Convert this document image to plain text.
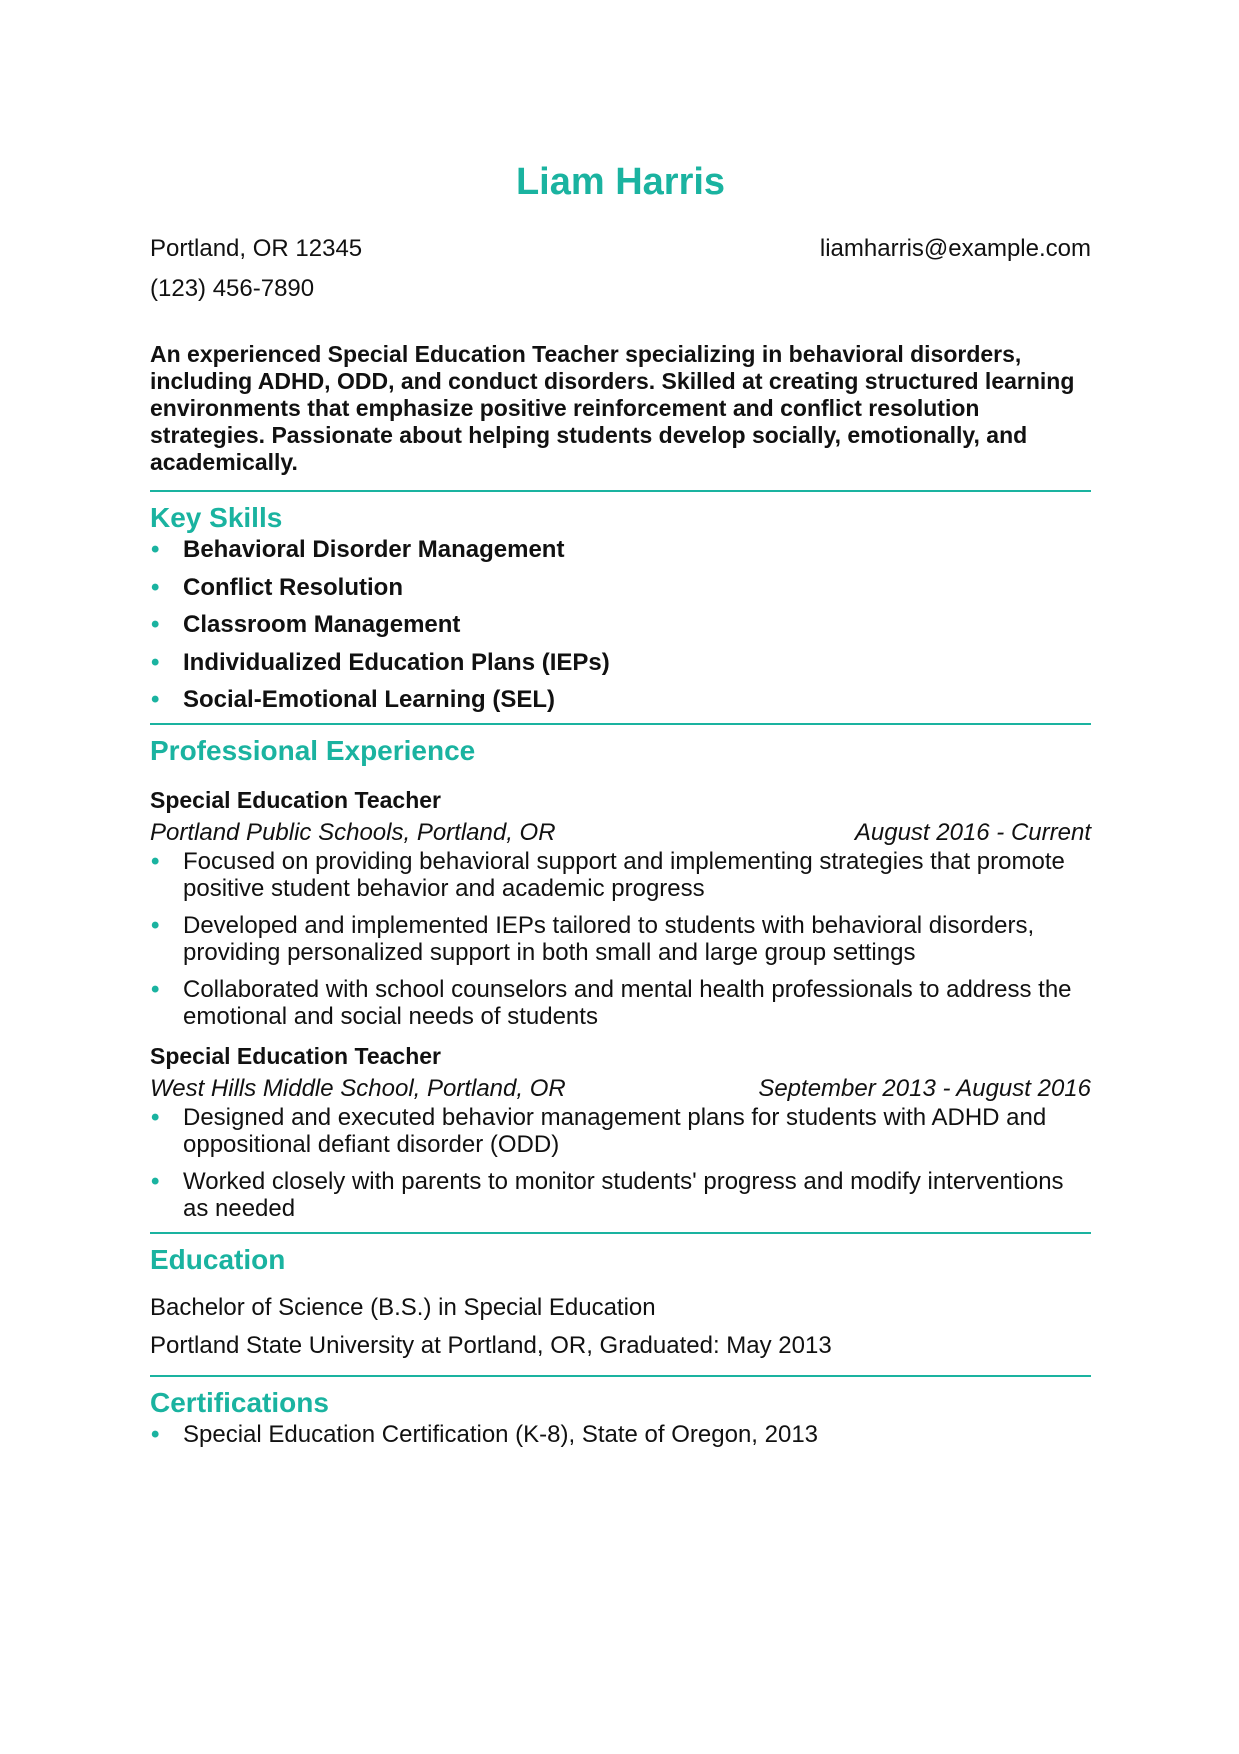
Liam Harris
Portland, OR 12345	liamharris@example.com
(123) 456-7890
An experienced Special Education Teacher specializing in behavioral disorders, including ADHD, ODD, and conduct disorders. Skilled at creating structured learning environments that emphasize positive reinforcement and conflict resolution strategies. Passionate about helping students develop socially, emotionally, and academically.
Key Skills
• Behavioral Disorder Management
• Conflict Resolution
• Classroom Management
• Individualized Education Plans (IEPs)
• Social-Emotional Learning (SEL)
Professional Experience
Special Education Teacher
Portland Public Schools, Portland, OR	August 2016 - Current
• Focused on providing behavioral support and implementing strategies that promote positive student behavior and academic progress
• Developed and implemented IEPs tailored to students with behavioral disorders, providing personalized support in both small and large group settings
• Collaborated with school counselors and mental health professionals to address the emotional and social needs of students
Special Education Teacher
West Hills Middle School, Portland, OR	September 2013 - August 2016
• Designed and executed behavior management plans for students with ADHD and oppositional defiant disorder (ODD)
• Worked closely with parents to monitor students' progress and modify interventions as needed
Education
Bachelor of Science (B.S.) in Special Education
Portland State University at Portland, OR, Graduated: May 2013
Certifications
• Special Education Certification (K-8), State of Oregon, 2013
